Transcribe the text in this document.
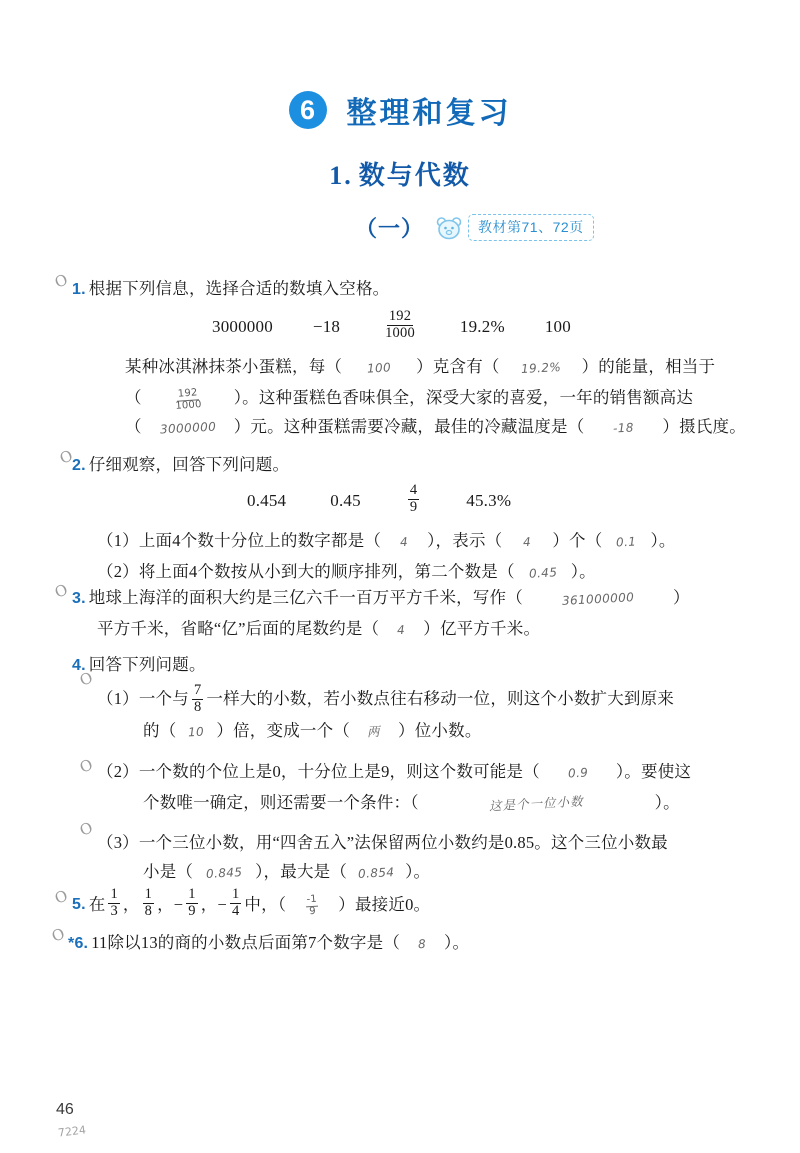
6	整理和复习
1. 数与代数
（一）	教材第71、72页
O
O
O
O
O
O
O
O
1. 根据下列信息，选择合适的数填入空格。
3000000 −18	$\frac{192}{1000}$	19.2% 100
某种冰淇淋抹茶小蛋糕，每（ 100 ）克含有（ 19.2% ）的能量，相当于
（	$\frac{192}{1000}$ ）。这种蛋糕色香味俱全，深受大家的喜爱，一年的销售额高达
（ 3000000 ）元。这种蛋糕需要冷藏，最佳的冷藏温度是（ -18 ）摄氏度。
2. 仔细观察，回答下列问题。
0.454	0.45	$\frac{4}{9}$	45.3%
（1）上面4个数十分位上的数字都是（ 4 ），表示（ 4 ）个（ 0.1 ）。
（2）将上面4个数按从小到大的顺序排列，第二个数是（ 0.45 ）。
3. 地球上海洋的面积大约是三亿六千一百万平方千米，写作（	361000000 ）
平方千米，省略“亿”后面的尾数约是（ 4 ）亿平方千米。
4. 回答下列问题。
（1）一个与 $\frac{7}{8}$ 一样大的小数，若小数点往右移动一位，则这个小数扩大到原来
的（ 10 ）倍，变成一个（ 两 ）位小数。
（2）一个数的个位上是0，十分位上是9，则这个数可能是（ 0.9 ）。要使这
个数唯一确定，则还需要一个条件：（	这是个一位小数	）。
（3）一个三位小数，用“四舍五入”法保留两位小数约是0.85。这个三位小数最
小是（ 0.845 ），最大是（ 0.854 ）。
5. 在 $\frac{1}{3}$ ， $\frac{1}{8}$ ， − $\frac{1}{9}$ ， − $\frac{1}{4}$ 中，（ $\frac{-1}{9}$ ）最接近0。
* 6. 11除以13的商的小数点后面第7个数字是（ 8 ）。
46
7224
